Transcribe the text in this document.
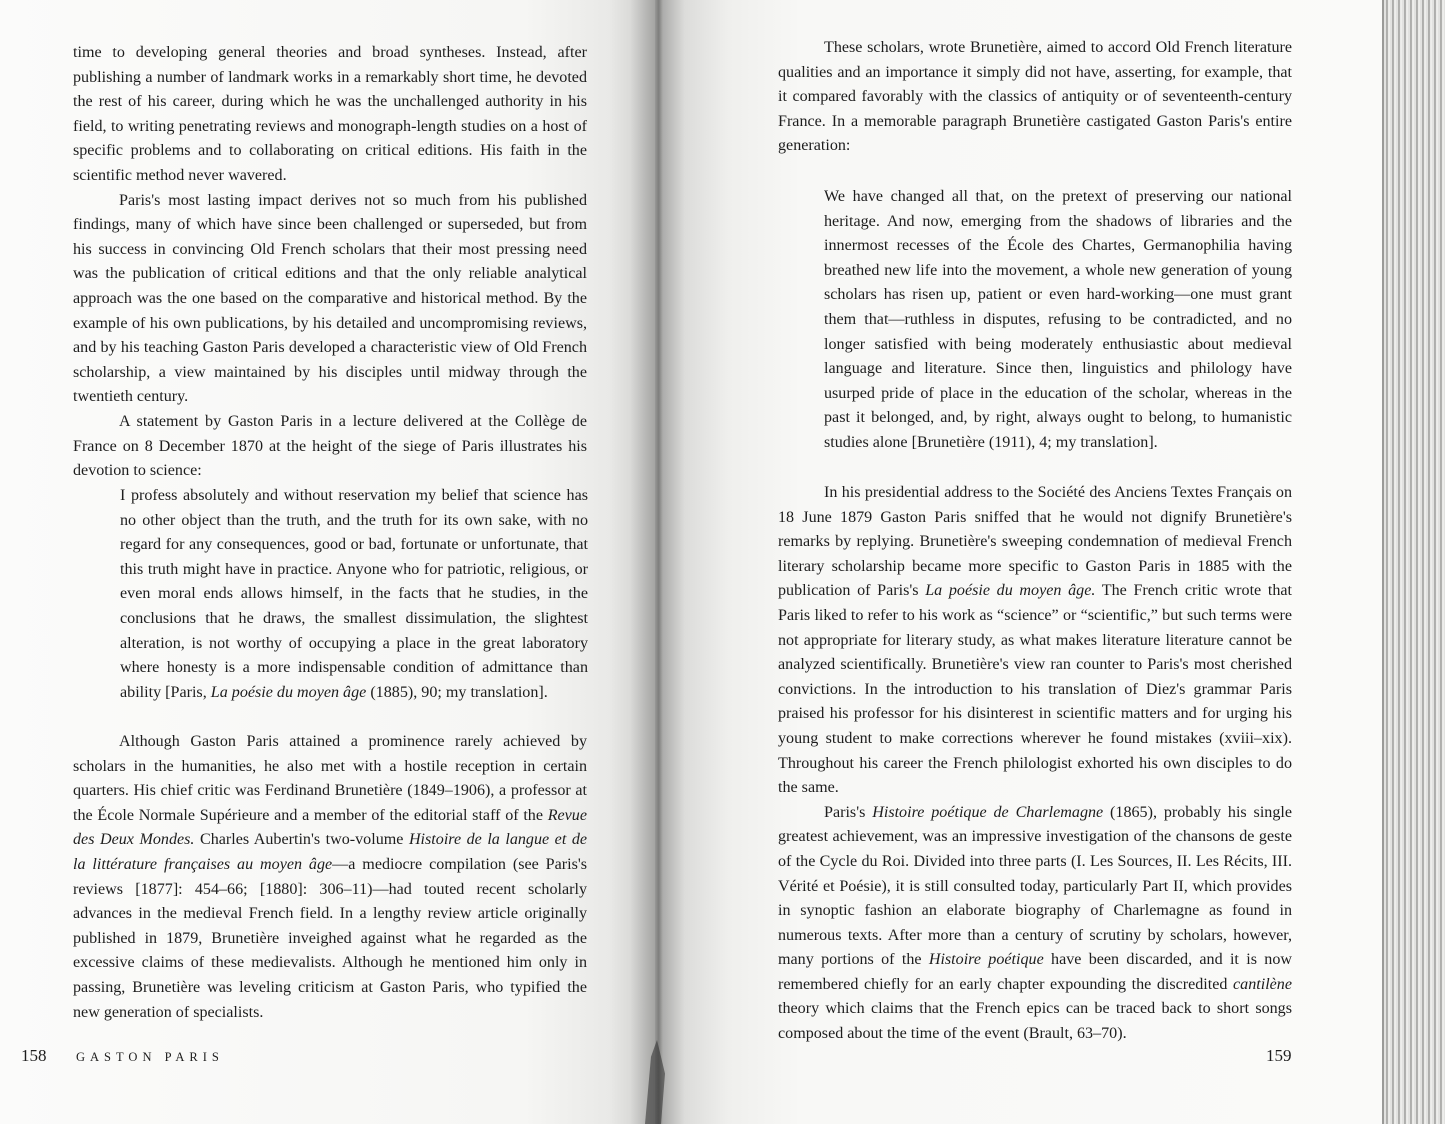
time to developing general theories and broad syntheses. Instead, after publishing a number of landmark works in a remarkably short time, he devoted the rest of his career, during which he was the unchallenged authority in his field, to writing penetrating reviews and monograph-length studies on a host of specific problems and to collaborating on critical editions. His faith in the scientific method never wavered.

Paris's most lasting impact derives not so much from his published findings, many of which have since been challenged or superseded, but from his success in convincing Old French scholars that their most pressing need was the publication of critical editions and that the only reliable analytical approach was the one based on the comparative and historical method. By the example of his own publications, by his detailed and uncompromising reviews, and by his teaching Gaston Paris developed a characteristic view of Old French scholarship, a view maintained by his disciples until midway through the twentieth century.

A statement by Gaston Paris in a lecture delivered at the Collège de France on 8 December 1870 at the height of the siege of Paris illustrates his devotion to science:

I profess absolutely and without reservation my belief that science has no other object than the truth, and the truth for its own sake, with no regard for any consequences, good or bad, fortunate or unfortunate, that this truth might have in practice. Anyone who for patriotic, religious, or even moral ends allows himself, in the facts that he studies, in the conclusions that he draws, the smallest dissimulation, the slightest alteration, is not worthy of occupying a place in the great laboratory where honesty is a more indispensable condition of admittance than ability [Paris, La poésie du moyen âge (1885), 90; my translation].

Although Gaston Paris attained a prominence rarely achieved by scholars in the humanities, he also met with a hostile reception in certain quarters. His chief critic was Ferdinand Brunetière (1849–1906), a professor at the École Normale Supérieure and a member of the editorial staff of the Revue des Deux Mondes. Charles Aubertin's two-volume Histoire de la langue et de la littérature françaises au moyen âge—a mediocre compilation (see Paris's reviews [1877]: 454–66; [1880]: 306–11)—had touted recent scholarly advances in the medieval French field. In a lengthy review article originally published in 1879, Brunetière inveighed against what he regarded as the excessive claims of these medievalists. Although he mentioned him only in passing, Brunetière was leveling criticism at Gaston Paris, who typified the new generation of specialists.

158 GASTON PARIS

These scholars, wrote Brunetière, aimed to accord Old French literature qualities and an importance it simply did not have, asserting, for example, that it compared favorably with the classics of antiquity or of seventeenth-century France. In a memorable paragraph Brunetière castigated Gaston Paris's entire generation:

We have changed all that, on the pretext of preserving our national heritage. And now, emerging from the shadows of libraries and the innermost recesses of the École des Chartes, Germanophilia having breathed new life into the movement, a whole new generation of young scholars has risen up, patient or even hard-working—one must grant them that—ruthless in disputes, refusing to be contradicted, and no longer satisfied with being moderately enthusiastic about medieval language and literature. Since then, linguistics and philology have usurped pride of place in the education of the scholar, whereas in the past it belonged, and, by right, always ought to belong, to humanistic studies alone [Brunetière (1911), 4; my translation].

In his presidential address to the Société des Anciens Textes Français on 18 June 1879 Gaston Paris sniffed that he would not dignify Brunetière's remarks by replying. Brunetière's sweeping condemnation of medieval French literary scholarship became more specific to Gaston Paris in 1885 with the publication of Paris's La poésie du moyen âge. The French critic wrote that Paris liked to refer to his work as “science” or “scientific,” but such terms were not appropriate for literary study, as what makes literature literature cannot be analyzed scientifically. Brunetière's view ran counter to Paris's most cherished convictions. In the introduction to his translation of Diez's grammar Paris praised his professor for his disinterest in scientific matters and for urging his young student to make corrections wherever he found mistakes (xviii–xix). Throughout his career the French philologist exhorted his own disciples to do the same.

Paris's Histoire poétique de Charlemagne (1865), probably his single greatest achievement, was an impressive investigation of the chansons de geste of the Cycle du Roi. Divided into three parts (I. Les Sources, II. Les Récits, III. Vérité et Poésie), it is still consulted today, particularly Part II, which provides in synoptic fashion an elaborate biography of Charlemagne as found in numerous texts. After more than a century of scrutiny by scholars, however, many portions of the Histoire poétique have been discarded, and it is now remembered chiefly for an early chapter expounding the discredited cantilène theory which claims that the French epics can be traced back to short songs composed about the time of the event (Brault, 63–70).

159
